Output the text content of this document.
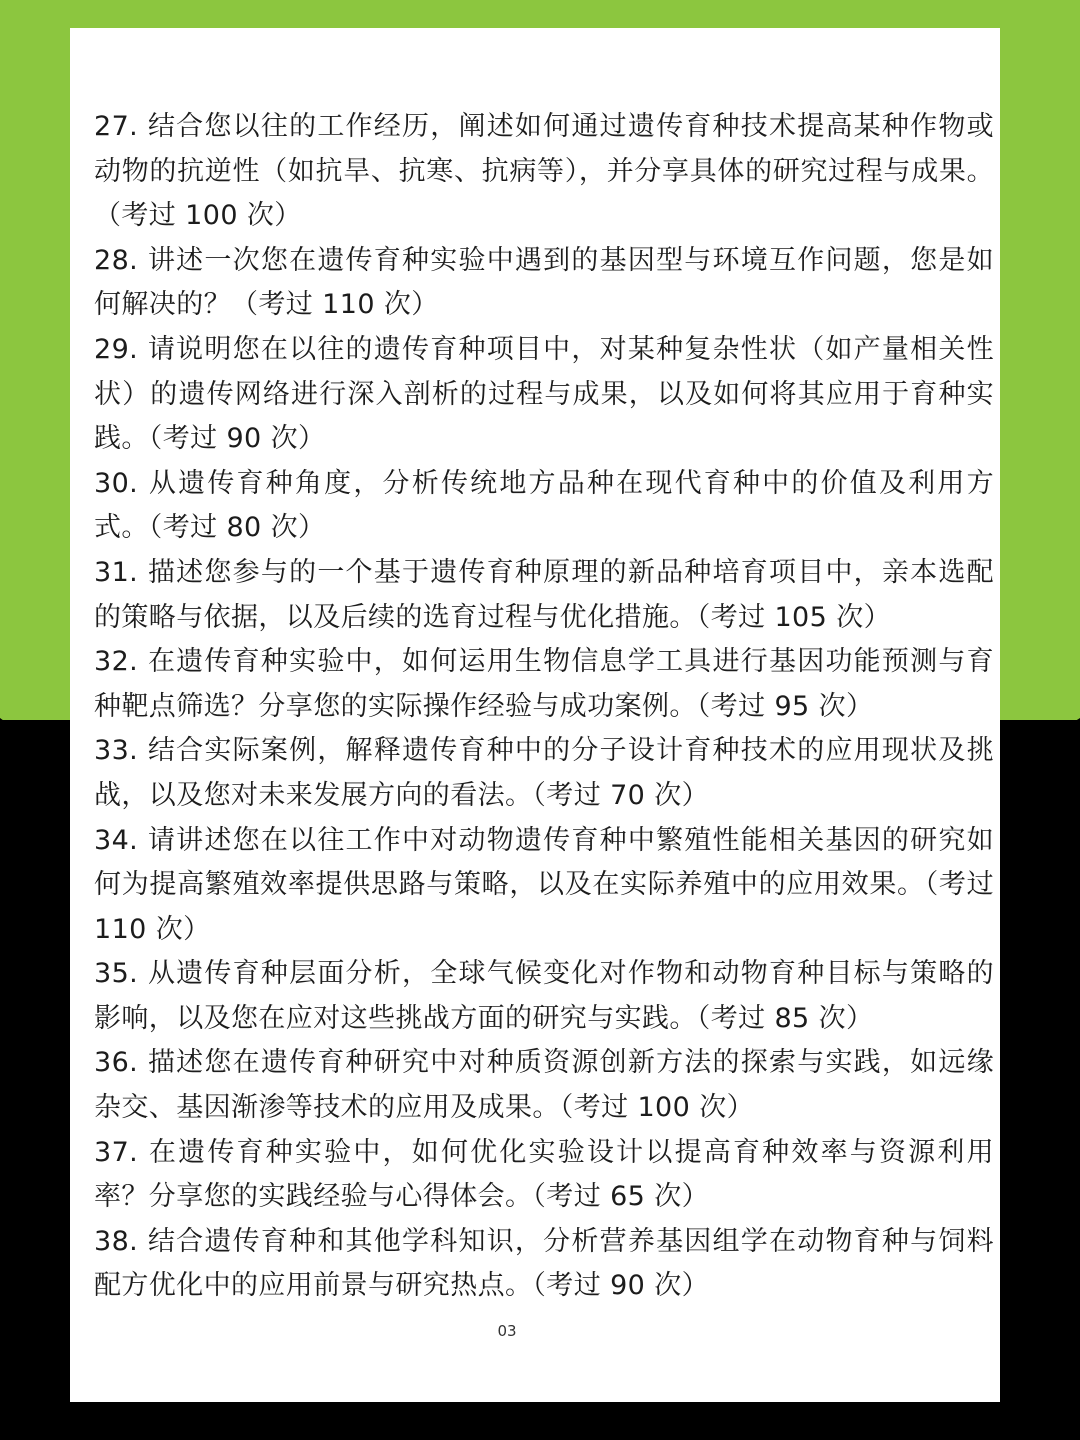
27. 结合您以往的工作经历，阐述如何通过遗传育种技术提高某种作物或动物的抗逆性（如抗旱、抗寒、抗病等），并分享具体的研究过程与成果。（考过 100 次）
28. 讲述一次您在遗传育种实验中遇到的基因型与环境互作问题，您是如何解决的？（考过 110 次）
29. 请说明您在以往的遗传育种项目中，对某种复杂性状（如产量相关性状）的遗传网络进行深入剖析的过程与成果，以及如何将其应用于育种实践。（考过 90 次）
30. 从遗传育种角度，分析传统地方品种在现代育种中的价值及利用方式。（考过 80 次）
31. 描述您参与的一个基于遗传育种原理的新品种培育项目中，亲本选配的策略与依据，以及后续的选育过程与优化措施。（考过 105 次）
32. 在遗传育种实验中，如何运用生物信息学工具进行基因功能预测与育种靶点筛选？分享您的实际操作经验与成功案例。（考过 95 次）
33. 结合实际案例，解释遗传育种中的分子设计育种技术的应用现状及挑战，以及您对未来发展方向的看法。（考过 70 次）
34. 请讲述您在以往工作中对动物遗传育种中繁殖性能相关基因的研究如何为提高繁殖效率提供思路与策略，以及在实际养殖中的应用效果。（考过 110 次）
35. 从遗传育种层面分析，全球气候变化对作物和动物育种目标与策略的影响，以及您在应对这些挑战方面的研究与实践。（考过 85 次）
36. 描述您在遗传育种研究中对种质资源创新方法的探索与实践，如远缘杂交、基因渐渗等技术的应用及成果。（考过 100 次）
37. 在遗传育种实验中，如何优化实验设计以提高育种效率与资源利用率？分享您的实践经验与心得体会。（考过 65 次）
38. 结合遗传育种和其他学科知识，分析营养基因组学在动物育种与饲料配方优化中的应用前景与研究热点。（考过 90 次）
03
